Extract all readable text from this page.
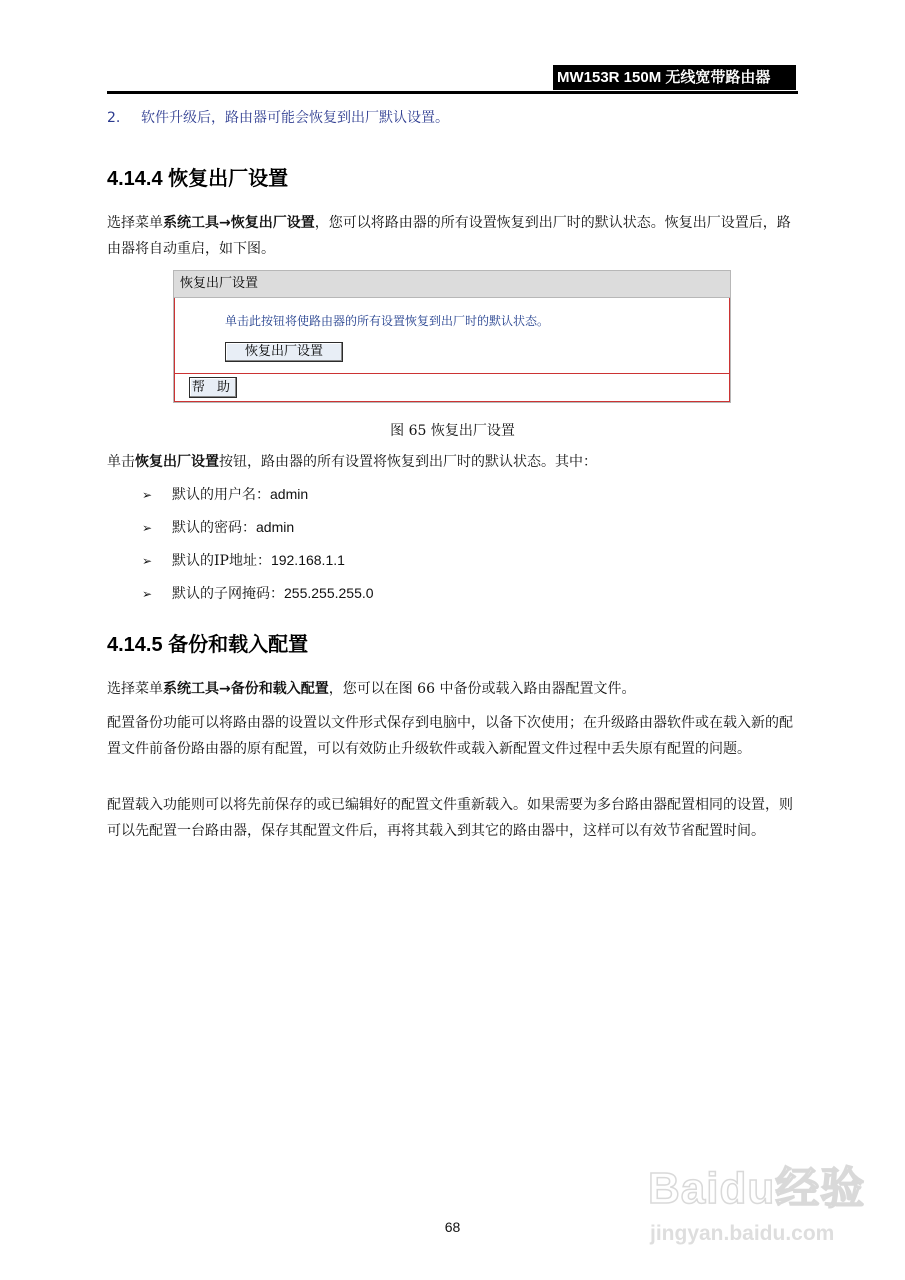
MW153R 150M 无线宽带路由器
2. 软件升级后，路由器可能会恢复到出厂默认设置。
4.14.4 恢复出厂设置

选择菜单系统工具→恢复出厂设置，您可以将路由器的所有设置恢复到出厂时的默认状态。恢复出厂设置后，路由器将自动重启，如下图。

恢复出厂设置
单击此按钮将使路由器的所有设置恢复到出厂时的默认状态。
恢复出厂设置
帮 助
图 65 恢复出厂设置

单击恢复出厂设置按钮，路由器的所有设置将恢复到出厂时的默认状态。其中：

➢ 默认的用户名：admin
➢ 默认的密码：admin
➢ 默认的IP地址：192.168.1.1
➢ 默认的子网掩码：255.255.255.0
4.14.5 备份和载入配置

选择菜单系统工具→备份和载入配置，您可以在图 66 中备份或载入路由器配置文件。

配置备份功能可以将路由器的设置以文件形式保存到电脑中，以备下次使用；在升级路由器软件或在载入新的配置文件前备份路由器的原有配置，可以有效防止升级软件或载入新配置文件过程中丢失原有配置的问题。

配置载入功能则可以将先前保存的或已编辑好的配置文件重新载入。如果需要为多台路由器配置相同的设置，则可以先配置一台路由器，保存其配置文件后，再将其载入到其它的路由器中，这样可以有效节省配置时间。

68
Baidu经验
jingyan.baidu.com
